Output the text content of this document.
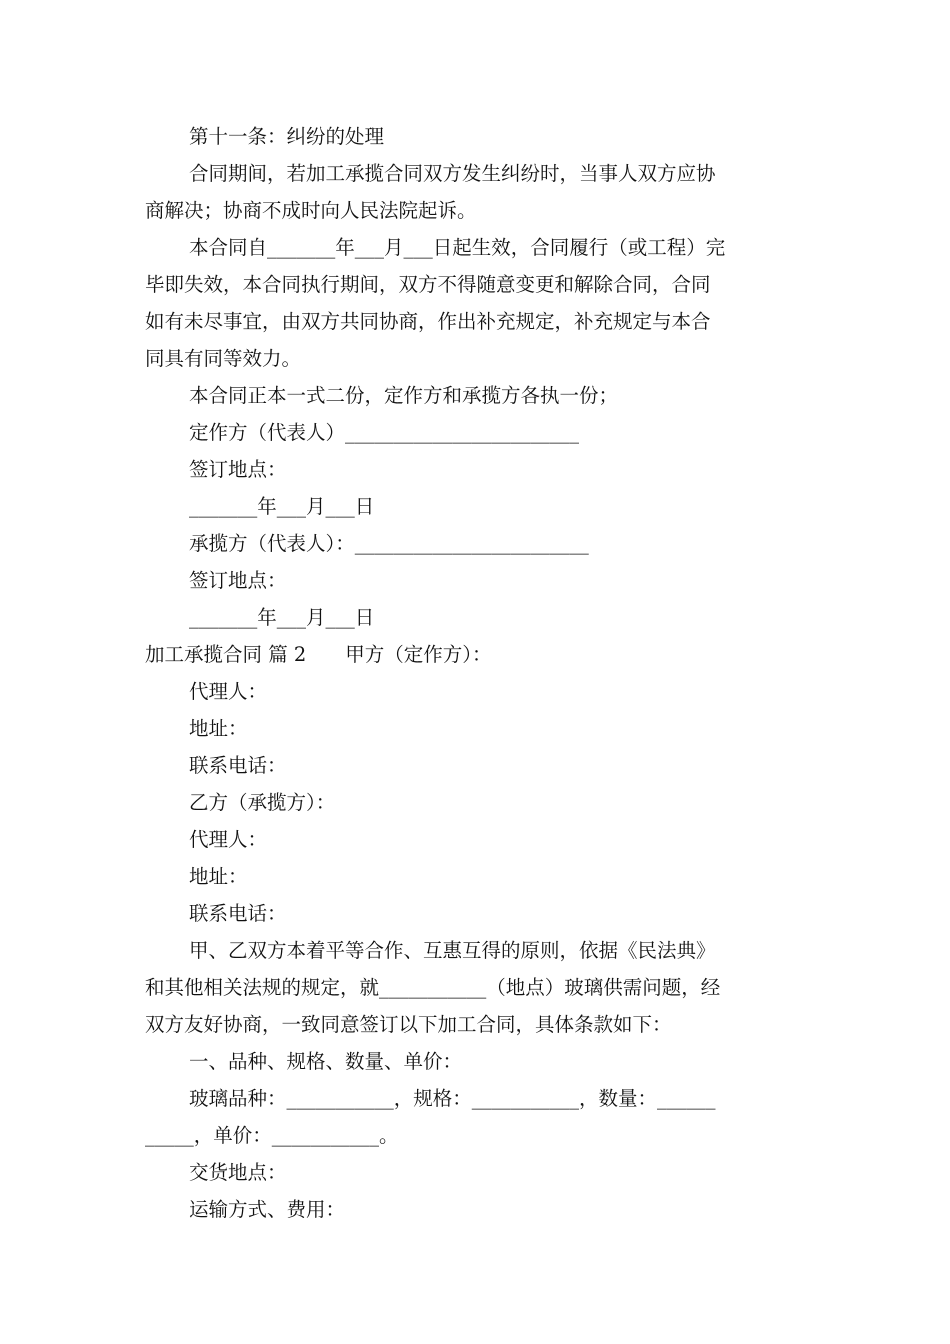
第十一条：纠纷的处理

合同期间，若加工承揽合同双方发生纠纷时，当事人双方应协

商解决；协商不成时向人民法院起诉。

本合同自_______年___月___日起生效，合同履行（或工程）完

毕即失效，本合同执行期间，双方不得随意变更和解除合同，合同

如有未尽事宜，由双方共同协商，作出补充规定，补充规定与本合

同具有同等效力。

本合同正本一式二份，定作方和承揽方各执一份；

定作方（代表人）________________________

签订地点：

_______年___月___日

承揽方（代表人）：________________________

签订地点：

_______年___月___日

加工承揽合同 篇 2　　甲方（定作方）：

代理人：

地址：

联系电话：

乙方（承揽方）：

代理人：

地址：

联系电话：

甲、乙双方本着平等合作、互惠互得的原则，依据《民法典》

和其他相关法规的规定，就___________（地点）玻璃供需问题，经

双方友好协商，一致同意签订以下加工合同，具体条款如下：

一、品种、规格、数量、单价：

玻璃品种：___________，规格：___________，数量：______

_____，单价：___________。

交货地点：

运输方式、费用：
